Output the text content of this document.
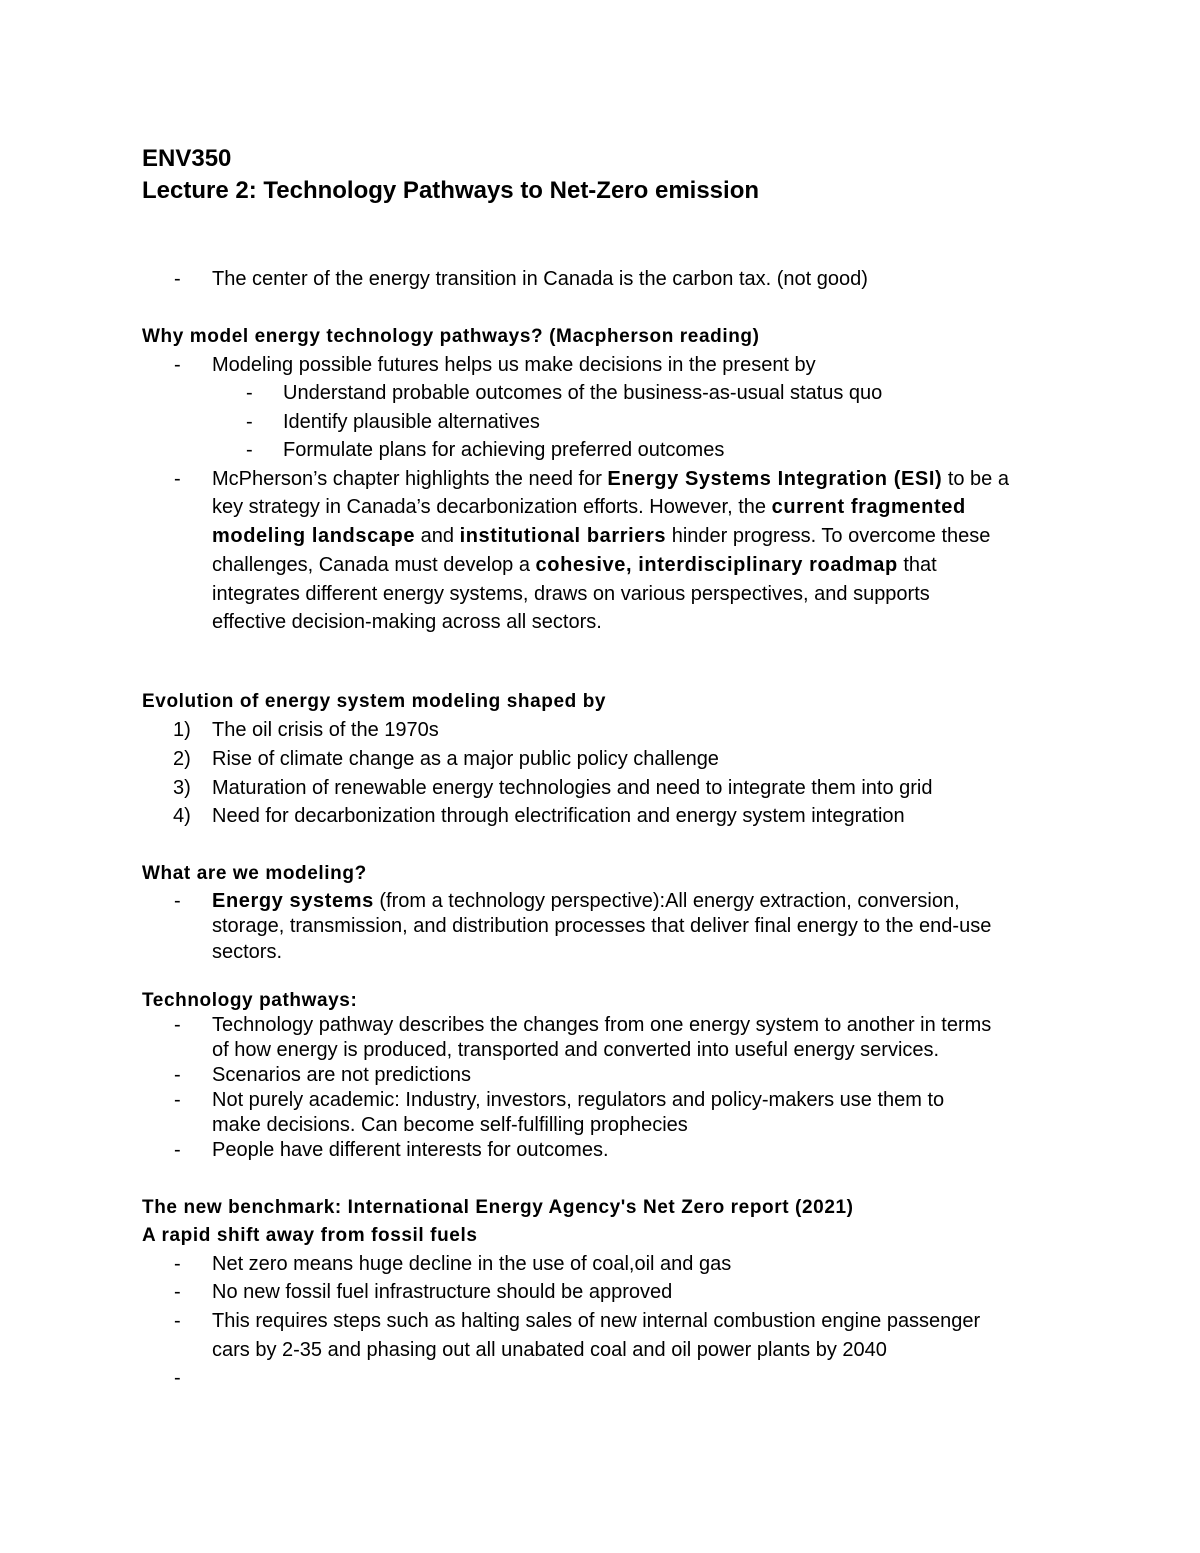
ENV350
Lecture 2: Technology Pathways to Net-Zero emission
- The center of the energy transition in Canada is the carbon tax. (not good)
Why model energy technology pathways? (Macpherson reading)
- Modeling possible futures helps us make decisions in the present by
- Understand probable outcomes of the business-as-usual status quo
- Identify plausible alternatives
- Formulate plans for achieving preferred outcomes
- McPherson’s chapter highlights the need for Energy Systems Integration (ESI) to be a
key strategy in Canada’s decarbonization efforts. However, the current fragmented
modeling landscape and institutional barriers hinder progress. To overcome these
challenges, Canada must develop a cohesive, interdisciplinary roadmap that
integrates different energy systems, draws on various perspectives, and supports
effective decision-making across all sectors.
Evolution of energy system modeling shaped by
1) The oil crisis of the 1970s
2) Rise of climate change as a major public policy challenge
3) Maturation of renewable energy technologies and need to integrate them into grid
4) Need for decarbonization through electrification and energy system integration
What are we modeling?
- Energy systems (from a technology perspective):All energy extraction, conversion,
storage, transmission, and distribution processes that deliver final energy to the end-use
sectors.
Technology pathways:
- Technology pathway describes the changes from one energy system to another in terms
of how energy is produced, transported and converted into useful energy services.
- Scenarios are not predictions
- Not purely academic: Industry, investors, regulators and policy-makers use them to
make decisions. Can become self-fulfilling prophecies
- People have different interests for outcomes.
The new benchmark: International Energy Agency's Net Zero report (2021)
A rapid shift away from fossil fuels
- Net zero means huge decline in the use of coal,oil and gas
- No new fossil fuel infrastructure should be approved
- This requires steps such as halting sales of new internal combustion engine passenger
cars by 2-35 and phasing out all unabated coal and oil power plants by 2040
-
